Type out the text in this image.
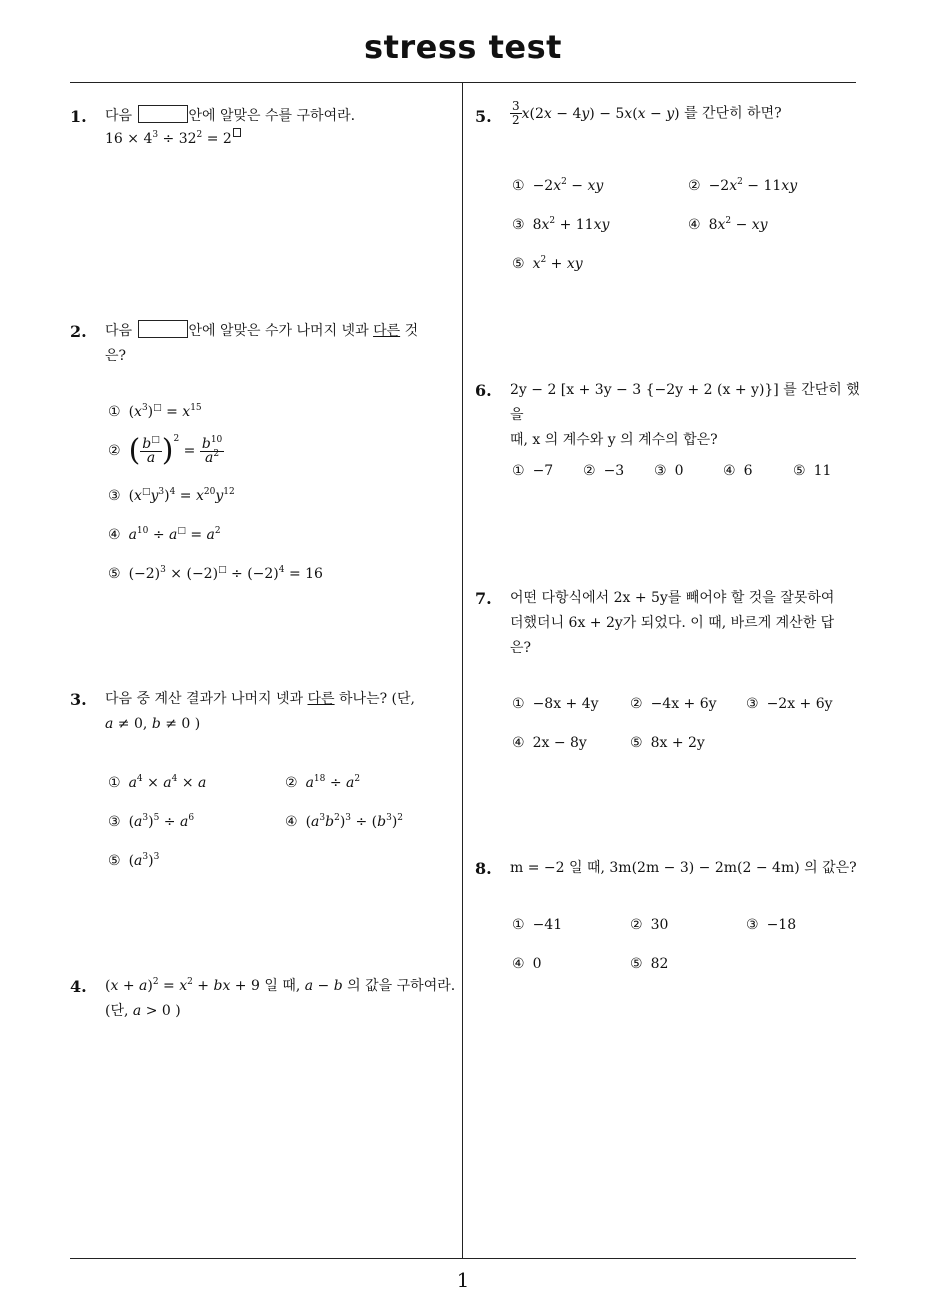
stress test
1
1. 다음	안에 알맞은 수를 구하여라.
$16 \times 4^3 \div 32^2 = 2$
2. 다음	안에 알맞은 수가 나머지 넷과 다른 것
은?
① $(x^3)^□ = x^{15}$
② ( $\frac{b^□}{a} )^2 = \frac{b^{10}}{a^2}$
③ $(x^□y^3)^4 = x^{20}y^{12}$
④ $a^{10} \div a^□ = a^2$
⑤ $(-2)^3 \times (-2)^□ \div (-2)^4 = 16$
3. 다음 중 계산 결과가 나머지 넷과 다른 하나는? (단,
a ≠ 0, b ≠ 0 )
① $a^4 \times a^4 \times a$	② $a^{18} \div a^2$
③ $(a^3)^5 \div a^6$	④ $(a^3b^2)^3 \div (b^3)^2$
⑤ $(a^3)^3$
4. $(x + a)^2 = x^2$ + bx + 9 일 때, a − b 의 값을 구하여라.
(단, a > 0 )
5. $\frac{3}{2} x(2x - 4y) - 5x(x - y)$ 를 간단히 하면?
① $-2x^2$ − xy	② $-2x^2 - 11xy$
③ $8x^2 + 11xy$	④ $8x^2$ − xy
⑤ $x^2$ + xy
6. 2y − 2 [x + 3y − 3 {−2y + 2 (x + y)}] 를 간단히 했을
때, x 의 계수와 y 의 계수의 합은?
① −7 ② −3 ③ 0	④ 6	⑤ 11
7. 어떤 다항식에서 2x + 5y를 빼어야 할 것을 잘못하여
더했더니 6x + 2y가 되었다. 이 때, 바르게 계산한 답
은?
① −8x + 4y ② −4x + 6y ③ −2x + 6y
④ 2x − 8y	⑤ 8x + 2y
8. m = −2 일 때, 3m(2m − 3) − 2m(2 − 4m) 의 값은?
① −41	② 30	③ −18
④ 0	⑤ 82
